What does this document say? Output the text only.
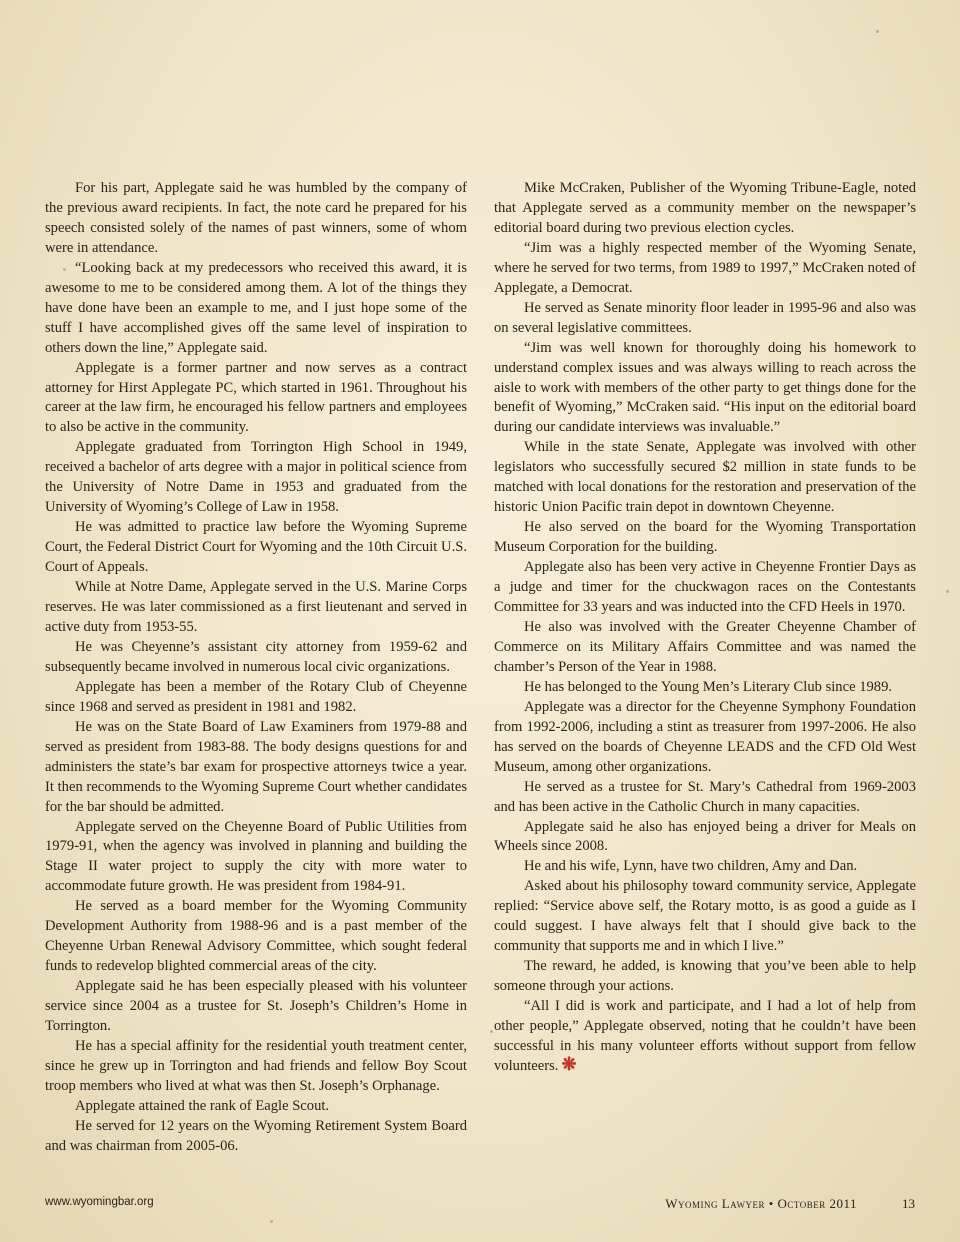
For his part, Applegate said he was humbled by the company of the previous award recipients. In fact, the note card he prepared for his speech consisted solely of the names of past winners, some of whom were in attendance.

“Looking back at my predecessors who received this award, it is awesome to me to be considered among them. A lot of the things they have done have been an example to me, and I just hope some of the stuff I have accomplished gives off the same level of inspiration to others down the line,” Applegate said.

Applegate is a former partner and now serves as a contract attorney for Hirst Applegate PC, which started in 1961. Throughout his career at the law firm, he encouraged his fellow partners and employees to also be active in the community.

Applegate graduated from Torrington High School in 1949, received a bachelor of arts degree with a major in political science from the University of Notre Dame in 1953 and graduated from the University of Wyoming’s College of Law in 1958.

He was admitted to practice law before the Wyoming Supreme Court, the Federal District Court for Wyoming and the 10th Circuit U.S. Court of Appeals.

While at Notre Dame, Applegate served in the U.S. Marine Corps reserves. He was later commissioned as a first lieutenant and served in active duty from 1953-55.

He was Cheyenne’s assistant city attorney from 1959-62 and subsequently became involved in numerous local civic organizations.

Applegate has been a member of the Rotary Club of Cheyenne since 1968 and served as president in 1981 and 1982.

He was on the State Board of Law Examiners from 1979-88 and served as president from 1983-88. The body designs questions for and administers the state’s bar exam for prospective attorneys twice a year. It then recommends to the Wyoming Supreme Court whether candidates for the bar should be admitted.

Applegate served on the Cheyenne Board of Public Utilities from 1979-91, when the agency was involved in planning and building the Stage II water project to supply the city with more water to accommodate future growth. He was president from 1984-91.

He served as a board member for the Wyoming Community Development Authority from 1988-96 and is a past member of the Cheyenne Urban Renewal Advisory Committee, which sought federal funds to redevelop blighted commercial areas of the city.

Applegate said he has been especially pleased with his volunteer service since 2004 as a trustee for St. Joseph’s Children’s Home in Torrington.

He has a special affinity for the residential youth treatment center, since he grew up in Torrington and had friends and fellow Boy Scout troop members who lived at what was then St. Joseph’s Orphanage.

Applegate attained the rank of Eagle Scout.

He served for 12 years on the Wyoming Retirement System Board and was chairman from 2005-06.

Mike McCraken, Publisher of the Wyoming Tribune-Eagle, noted that Applegate served as a community member on the newspaper’s editorial board during two previous election cycles.

“Jim was a highly respected member of the Wyoming Senate, where he served for two terms, from 1989 to 1997,” McCraken noted of Applegate, a Democrat.

He served as Senate minority floor leader in 1995-96 and also was on several legislative committees.

“Jim was well known for thoroughly doing his homework to understand complex issues and was always willing to reach across the aisle to work with members of the other party to get things done for the benefit of Wyoming,” McCraken said. “His input on the editorial board during our candidate interviews was invaluable.”

While in the state Senate, Applegate was involved with other legislators who successfully secured $2 million in state funds to be matched with local donations for the restoration and preservation of the historic Union Pacific train depot in downtown Cheyenne.

He also served on the board for the Wyoming Transportation Museum Corporation for the building.

Applegate also has been very active in Cheyenne Frontier Days as a judge and timer for the chuckwagon races on the Contestants Committee for 33 years and was inducted into the CFD Heels in 1970.

He also was involved with the Greater Cheyenne Chamber of Commerce on its Military Affairs Committee and was named the chamber’s Person of the Year in 1988.

He has belonged to the Young Men’s Literary Club since 1989.

Applegate was a director for the Cheyenne Symphony Foundation from 1992-2006, including a stint as treasurer from 1997-2006. He also has served on the boards of Cheyenne LEADS and the CFD Old West Museum, among other organizations.

He served as a trustee for St. Mary’s Cathedral from 1969-2003 and has been active in the Catholic Church in many capacities.

Applegate said he also has enjoyed being a driver for Meals on Wheels since 2008.

He and his wife, Lynn, have two children, Amy and Dan.

Asked about his philosophy toward community service, Applegate replied: “Service above self, the Rotary motto, is as good a guide as I could suggest. I have always felt that I should give back to the community that supports me and in which I live.”

The reward, he added, is knowing that you’ve been able to help someone through your actions.

“All I did is work and participate, and I had a lot of help from other people,” Applegate observed, noting that he couldn’t have been successful in his many volunteer efforts without support from fellow volunteers. ❋

www.wyomingbar.org	Wyoming Lawyer • October 2011	13
